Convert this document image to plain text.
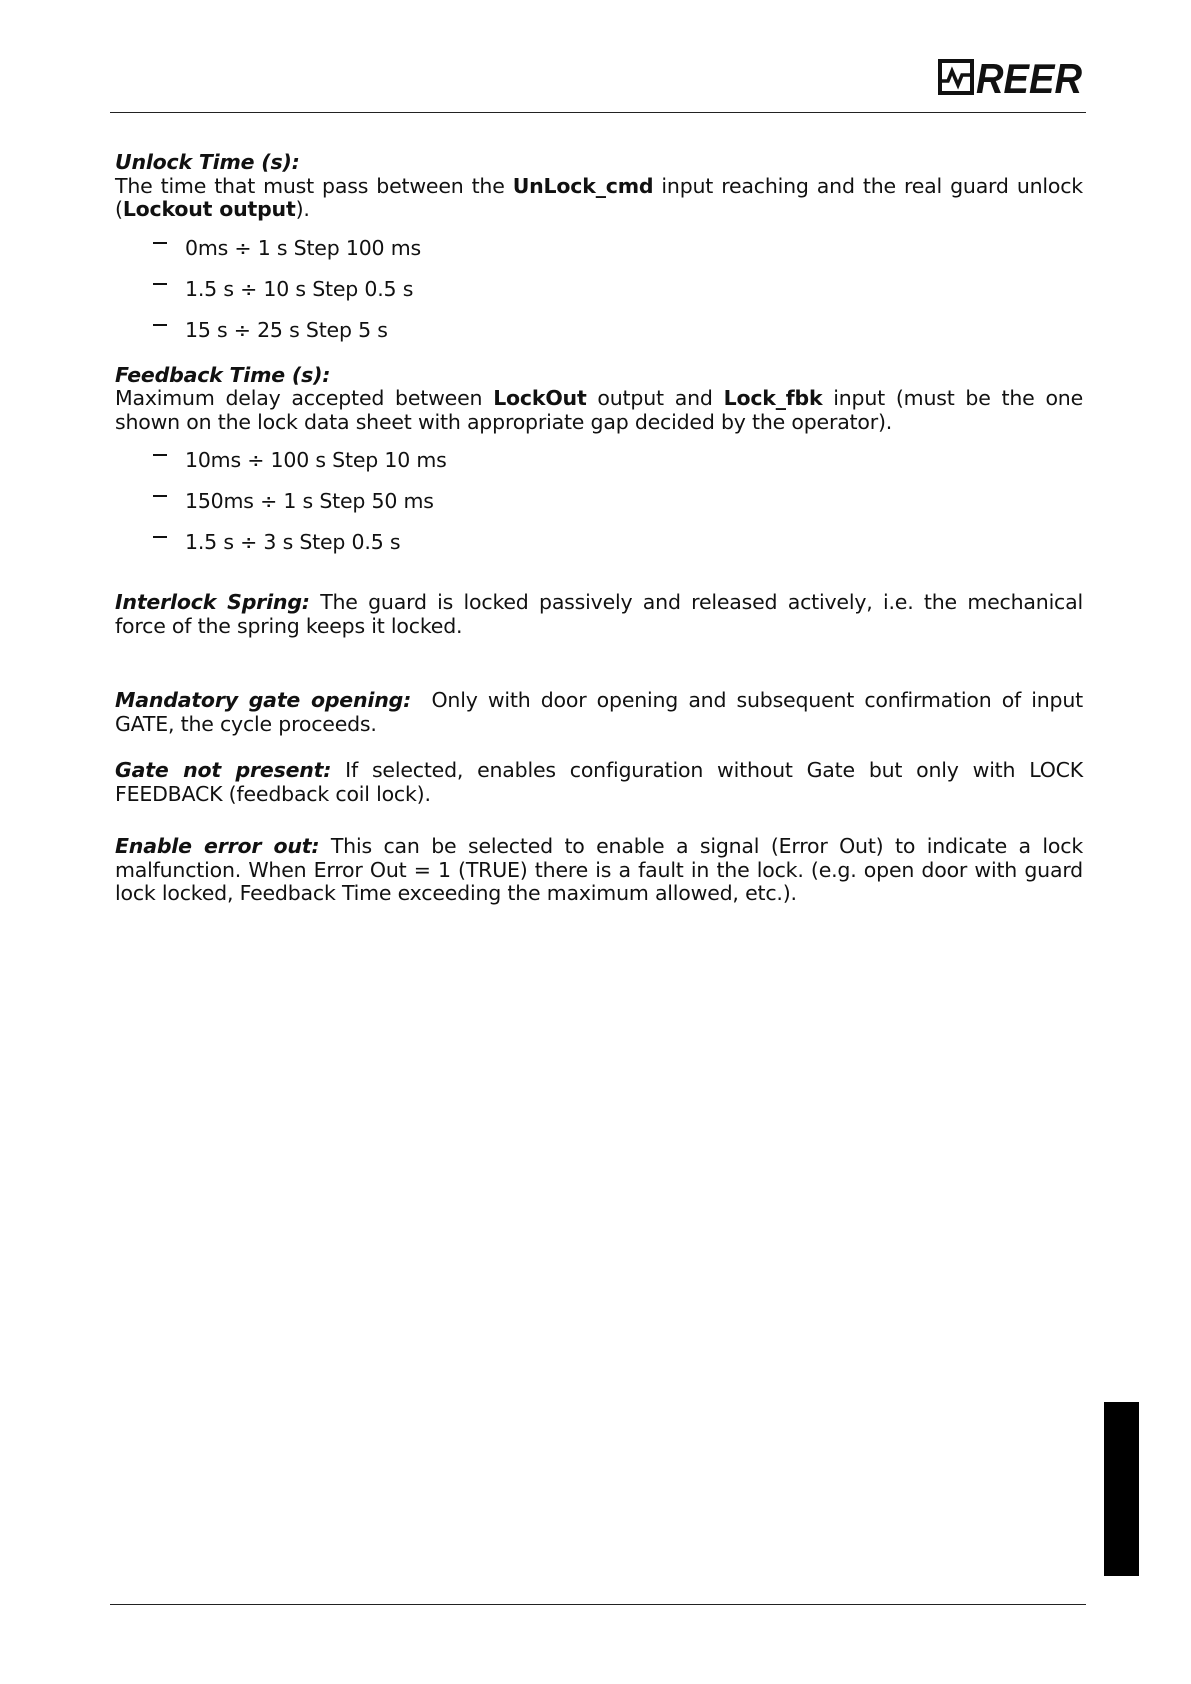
REER
Unlock Time (s):

The time that must pass between the UnLock_cmd input reaching and the real guard unlock (Lockout output).

0ms ÷ 1 s Step 100 ms
1.5 s ÷ 10 s Step 0.5 s
15 s ÷ 25 s Step 5 s
Feedback Time (s):

Maximum delay accepted between LockOut output and Lock_fbk input (must be the one shown on the lock data sheet with appropriate gap decided by the operator).

10ms ÷ 100 s Step 10 ms
150ms ÷ 1 s Step 50 ms
1.5 s ÷ 3 s Step 0.5 s

Interlock Spring: The guard is locked passively and released actively, i.e. the mechanical force of the spring keeps it locked.

Mandatory gate opening:  Only with door opening and subsequent confirmation of input GATE, the cycle proceeds.

Gate not present: If selected, enables configuration without Gate but only with LOCK FEEDBACK (feedback coil lock).

Enable error out: This can be selected to enable a signal (Error Out) to indicate a lock malfunction. When Error Out = 1 (TRUE) there is a fault in the lock. (e.g. open door with guard lock locked, Feedback Time exceeding the maximum allowed, etc.).
